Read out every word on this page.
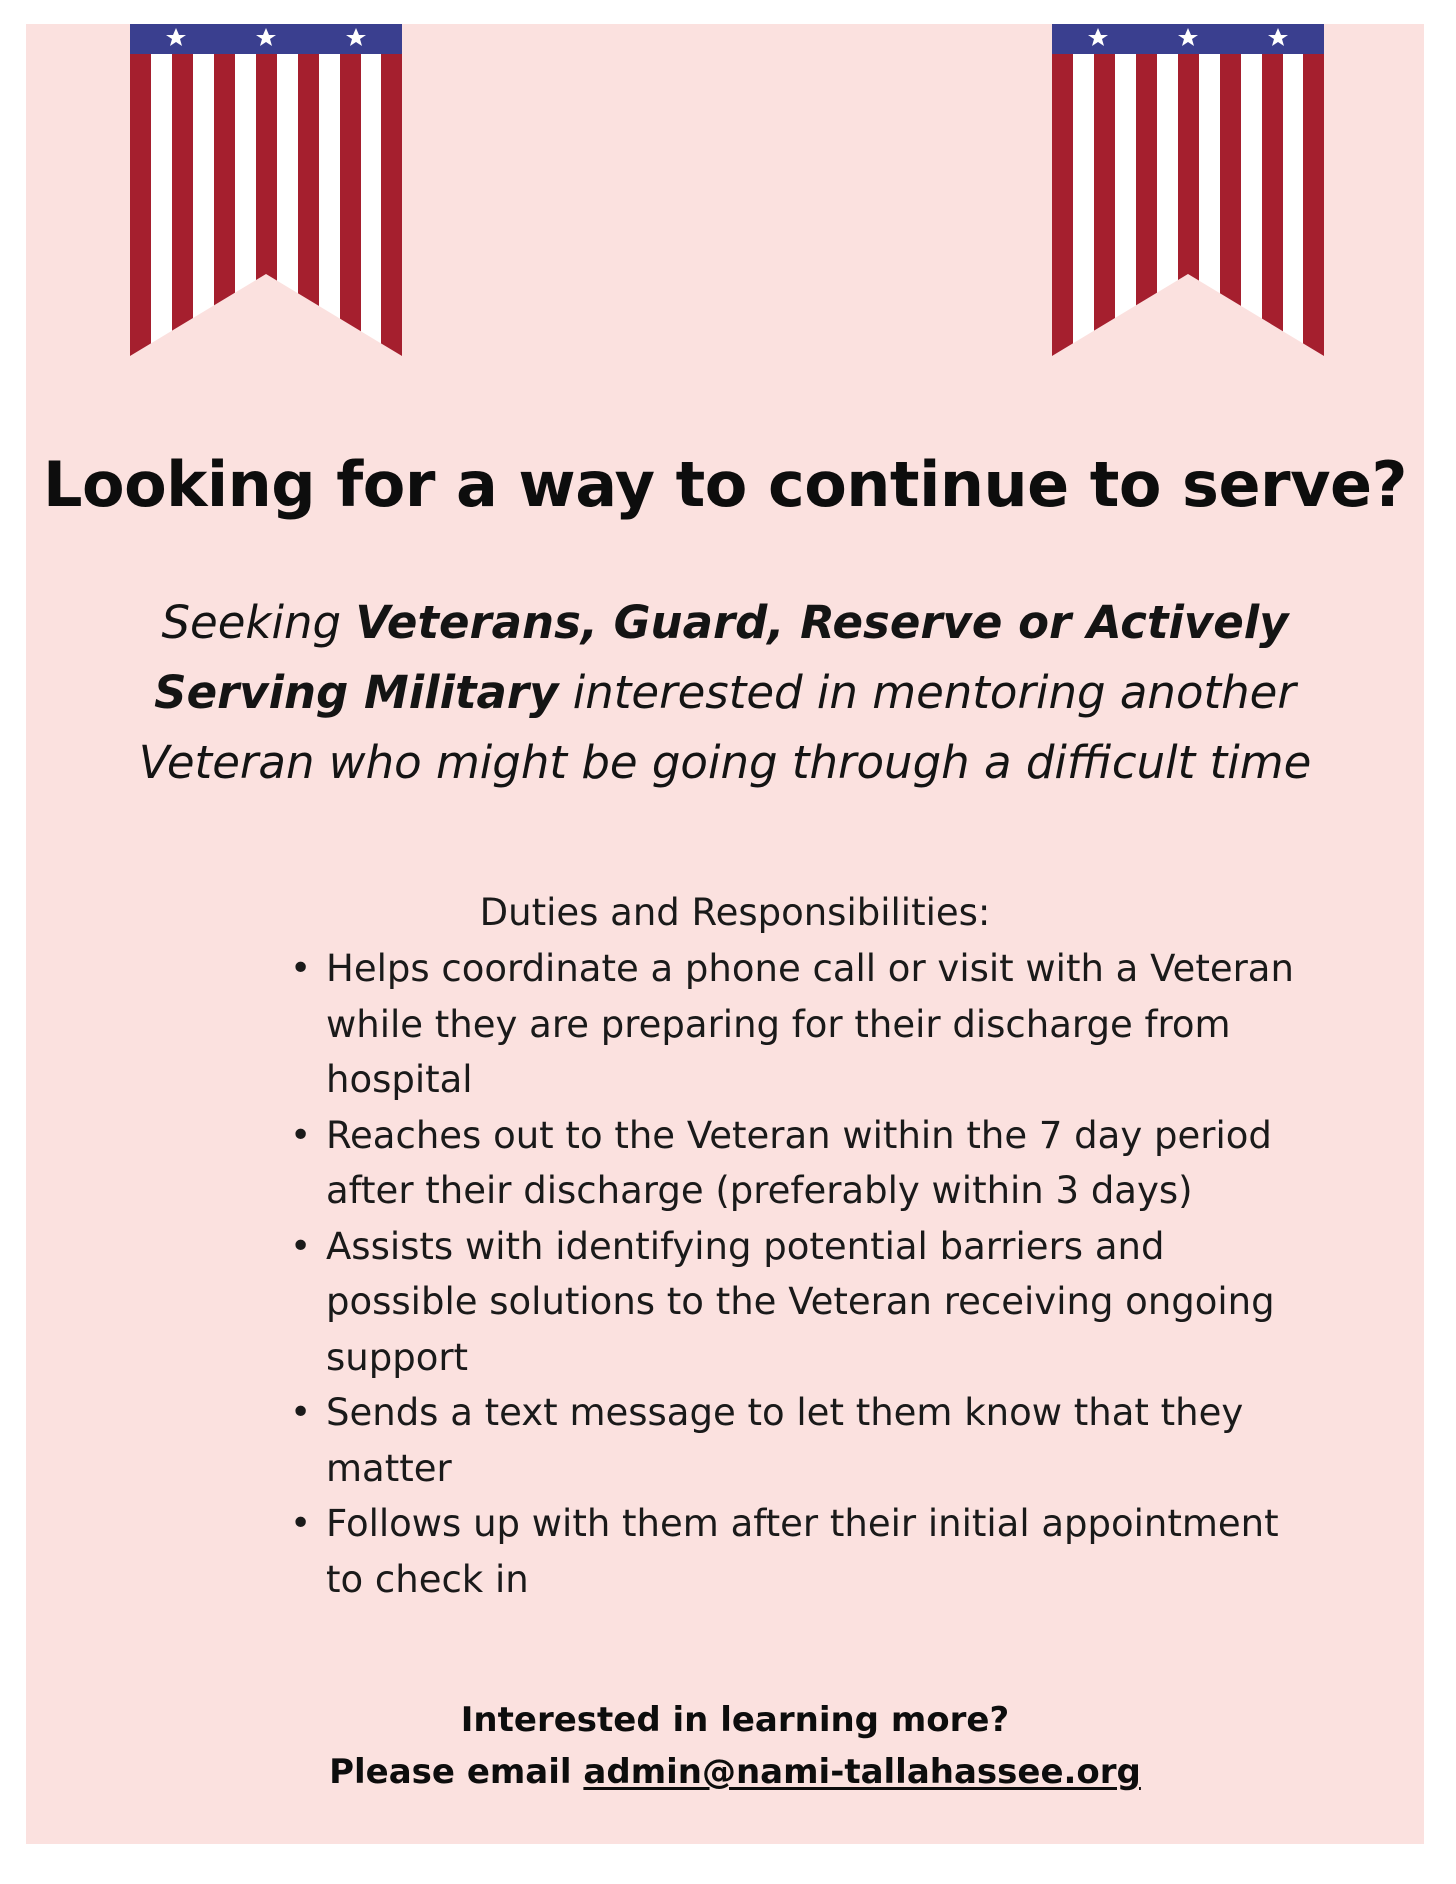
Looking for a way to continue to serve?

Seeking Veterans, Guard, Reserve or Actively Serving Military interested in mentoring another Veteran who might be going through a difficult time

Duties and Responsibilities:

• Helps coordinate a phone call or visit with a Veteran while they are preparing for their discharge from hospital
• Reaches out to the Veteran within the 7 day period after their discharge (preferably within 3 days)
• Assists with identifying potential barriers and possible solutions to the Veteran receiving ongoing support
• Sends a text message to let them know that they matter
• Follows up with them after their initial appointment to check in
Interested in learning more?
Please email admin@nami-tallahassee.org
